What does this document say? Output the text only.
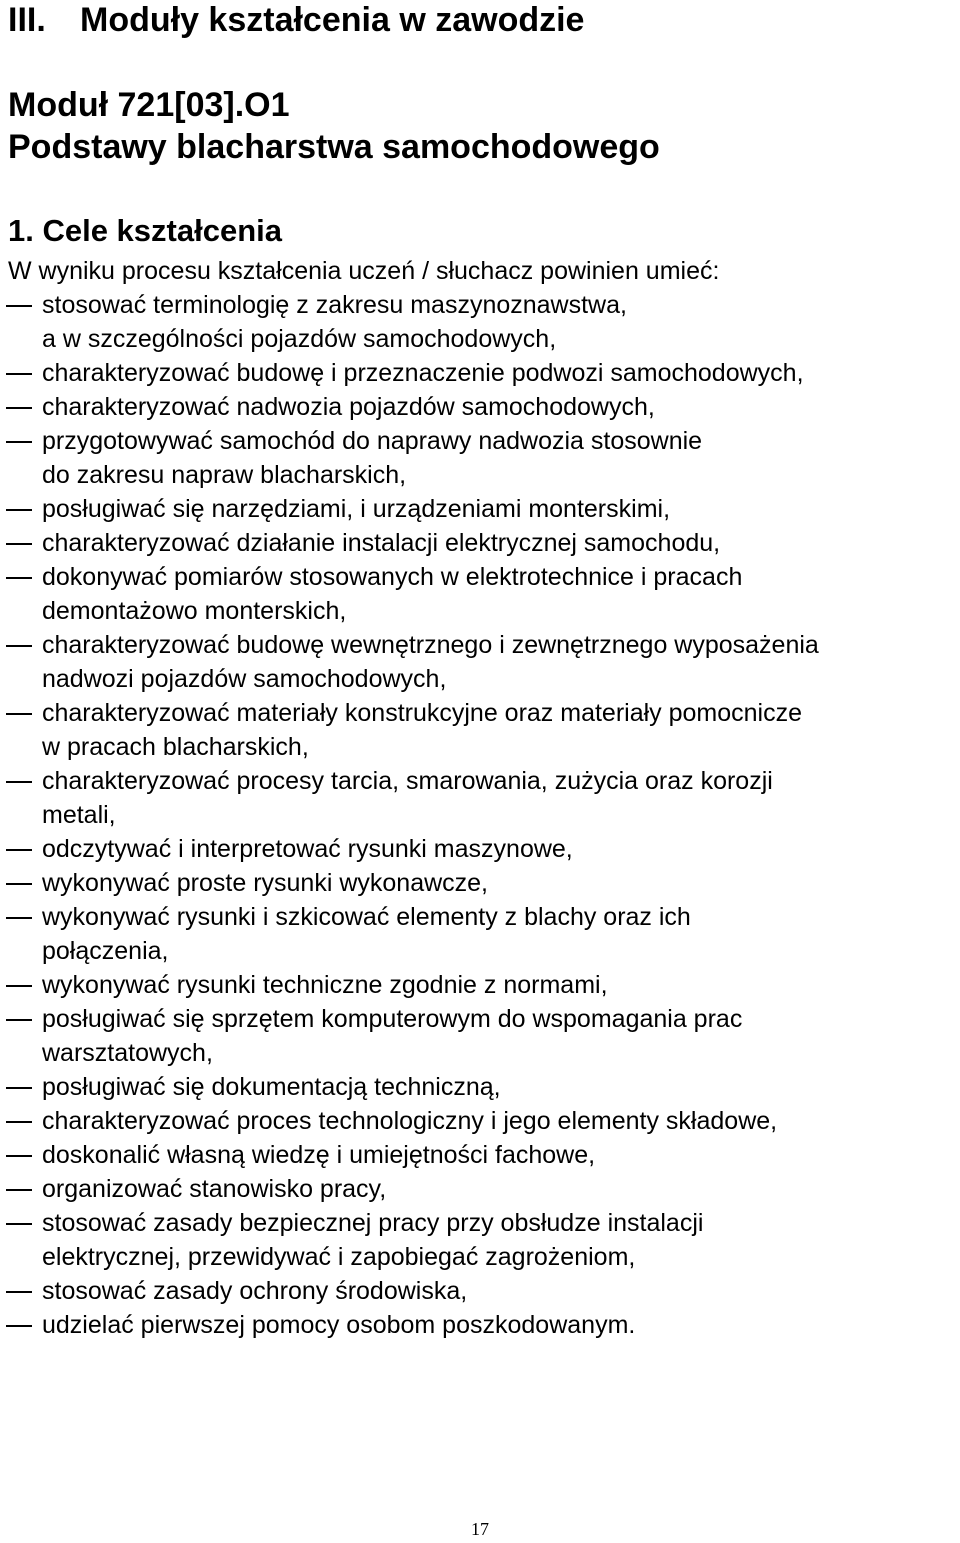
III. Moduły kształcenia w zawodzie
Moduł 721[03].O1
Podstawy blacharstwa samochodowego
1. Cele kształcenia
W wyniku procesu kształcenia uczeń / słuchacz powinien umieć:
stosować terminologię z zakresu maszynoznawstwa,
a w szczególności pojazdów samochodowych,
charakteryzować budowę i przeznaczenie podwozi samochodowych,
charakteryzować nadwozia pojazdów samochodowych,
przygotowywać samochód do naprawy nadwozia stosownie
do zakresu napraw blacharskich,
posługiwać się narzędziami, i urządzeniami monterskimi,
charakteryzować działanie instalacji elektrycznej samochodu,
dokonywać pomiarów stosowanych w elektrotechnice i pracach
demontażowo monterskich,
charakteryzować budowę wewnętrznego i zewnętrznego wyposażenia
nadwozi pojazdów samochodowych,
charakteryzować materiały konstrukcyjne oraz materiały pomocnicze
w pracach blacharskich,
charakteryzować procesy tarcia, smarowania, zużycia oraz korozji
metali,
odczytywać i interpretować rysunki maszynowe,
wykonywać proste rysunki wykonawcze,
wykonywać rysunki i szkicować elementy z blachy oraz ich
połączenia,
wykonywać rysunki techniczne zgodnie z normami,
posługiwać się sprzętem komputerowym do wspomagania prac
warsztatowych,
posługiwać się dokumentacją techniczną,
charakteryzować proces technologiczny i jego elementy składowe,
doskonalić własną wiedzę i umiejętności fachowe,
organizować stanowisko pracy,
stosować zasady bezpiecznej pracy przy obsłudze instalacji
elektrycznej, przewidywać i zapobiegać zagrożeniom,
stosować zasady ochrony środowiska,
udzielać pierwszej pomocy osobom poszkodowanym.
17
